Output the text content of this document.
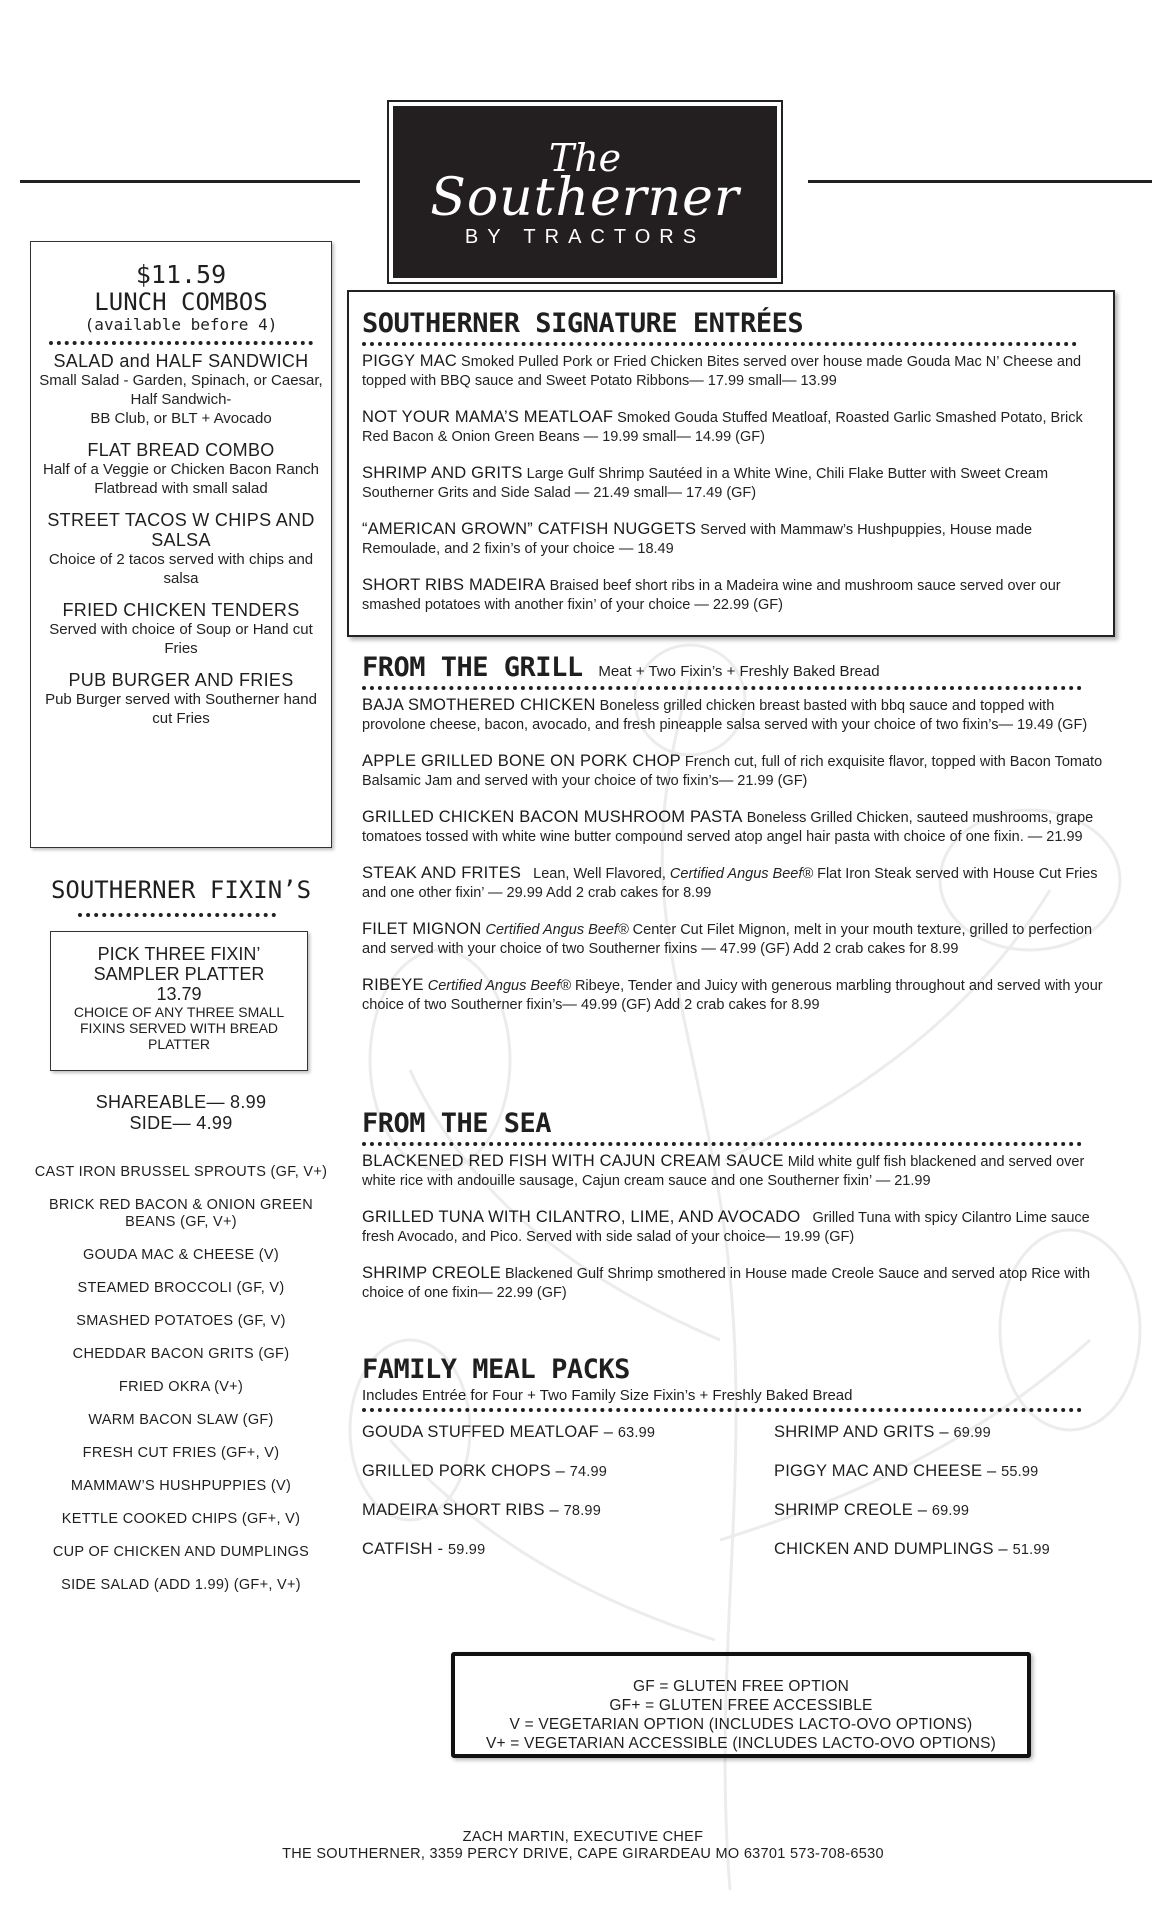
The
Southerner
BY TRACTORS
$11.59
LUNCH COMBOS
(available before 4)
SALAD and HALF SANDWICH
Small Salad - Garden, Spinach, or Caesar,
Half Sandwich-
BB Club, or BLT + Avocado
FLAT BREAD COMBO
Half of a Veggie or Chicken Bacon Ranch Flatbread with small salad
STREET TACOS W CHIPS AND SALSA
Choice of 2 tacos served with chips and salsa
FRIED CHICKEN TENDERS
Served with choice of Soup or Hand cut Fries
PUB BURGER AND FRIES
Pub Burger served with Southerner hand cut Fries
SOUTHERNER FIXIN’S
PICK THREE FIXIN’
SAMPLER PLATTER
13.79
CHOICE OF ANY THREE SMALL FIXINS SERVED WITH BREAD PLATTER
SHAREABLE— 8.99
SIDE— 4.99
CAST IRON BRUSSEL SPROUTS (GF, V+)
BRICK RED BACON & ONION GREEN BEANS (GF, V+)
GOUDA MAC & CHEESE (V)
STEAMED BROCCOLI (GF, V)
SMASHED POTATOES (GF, V)
CHEDDAR BACON GRITS (GF)
FRIED OKRA (V+)
WARM BACON SLAW (GF)
FRESH CUT FRIES (GF+, V)
MAMMAW’S HUSHPUPPIES (V)
KETTLE COOKED CHIPS (GF+, V)
CUP OF CHICKEN AND DUMPLINGS
SIDE SALAD (ADD 1.99) (GF+, V+)
SOUTHERNER SIGNATURE ENTRÉES
PIGGY MAC Smoked Pulled Pork or Fried Chicken Bites served over house made Gouda Mac N’ Cheese and topped with BBQ sauce and Sweet Potato Ribbons— 17.99 small— 13.99
NOT YOUR MAMA’S MEATLOAF Smoked Gouda Stuffed Meatloaf, Roasted Garlic Smashed Potato, Brick Red Bacon & Onion Green Beans — 19.99 small— 14.99 (GF)
SHRIMP AND GRITS Large Gulf Shrimp Sautéed in a White Wine, Chili Flake Butter with Sweet Cream Southerner Grits and Side Salad — 21.49 small— 17.49 (GF)
“AMERICAN GROWN” CATFISH NUGGETS Served with Mammaw’s Hushpuppies, House made Remoulade, and 2 fixin’s of your choice — 18.49
SHORT RIBS MADEIRA Braised beef short ribs in a Madeira wine and mushroom sauce served over our smashed potatoes with another fixin’ of your choice — 22.99 (GF)
FROM THE GRILL Meat + Two Fixin’s + Freshly Baked Bread
BAJA SMOTHERED CHICKEN Boneless grilled chicken breast basted with bbq sauce and topped with provolone cheese, bacon, avocado, and fresh pineapple salsa served with your choice of two fixin’s— 19.49 (GF)
APPLE GRILLED BONE ON PORK CHOP French cut, full of rich exquisite flavor, topped with Bacon Tomato Balsamic Jam and served with your choice of two fixin’s— 21.99 (GF)
GRILLED CHICKEN BACON MUSHROOM PASTA Boneless Grilled Chicken, sauteed mushrooms, grape tomatoes tossed with white wine butter compound served atop angel hair pasta with choice of one fixin. — 21.99
STEAK AND FRITES Lean, Well Flavored, Certified Angus Beef® Flat Iron Steak served with House Cut Fries and one other fixin’ — 29.99 Add 2 crab cakes for 8.99
FILET MIGNON Certified Angus Beef® Center Cut Filet Mignon, melt in your mouth texture, grilled to perfection and served with your choice of two Southerner fixins — 47.99 (GF) Add 2 crab cakes for 8.99
RIBEYE Certified Angus Beef® Ribeye, Tender and Juicy with generous marbling throughout and served with your choice of two Southerner fixin’s— 49.99 (GF) Add 2 crab cakes for 8.99
FROM THE SEA
BLACKENED RED FISH WITH CAJUN CREAM SAUCE Mild white gulf fish blackened and served over white rice with andouille sausage, Cajun cream sauce and one Southerner fixin’ — 21.99
GRILLED TUNA WITH CILANTRO, LIME, AND AVOCADO Grilled Tuna with spicy Cilantro Lime sauce fresh Avocado, and Pico. Served with side salad of your choice— 19.99 (GF)
SHRIMP CREOLE Blackened Gulf Shrimp smothered in House made Creole Sauce and served atop Rice with choice of one fixin— 22.99 (GF)
FAMILY MEAL PACKS
Includes Entrée for Four + Two Family Size Fixin’s + Freshly Baked Bread
GOUDA STUFFED MEATLOAF – 63.99	SHRIMP AND GRITS – 69.99
GRILLED PORK CHOPS – 74.99	PIGGY MAC AND CHEESE – 55.99
MADEIRA SHORT RIBS – 78.99	SHRIMP CREOLE – 69.99
CATFISH - 59.99	CHICKEN AND DUMPLINGS – 51.99
GF = GLUTEN FREE OPTION
GF+ = GLUTEN FREE ACCESSIBLE
V = VEGETARIAN OPTION (INCLUDES LACTO-OVO OPTIONS)
V+ = VEGETARIAN ACCESSIBLE (INCLUDES LACTO-OVO OPTIONS)
ZACH MARTIN, EXECUTIVE CHEF
THE SOUTHERNER, 3359 PERCY DRIVE, CAPE GIRARDEAU MO 63701 573-708-6530
